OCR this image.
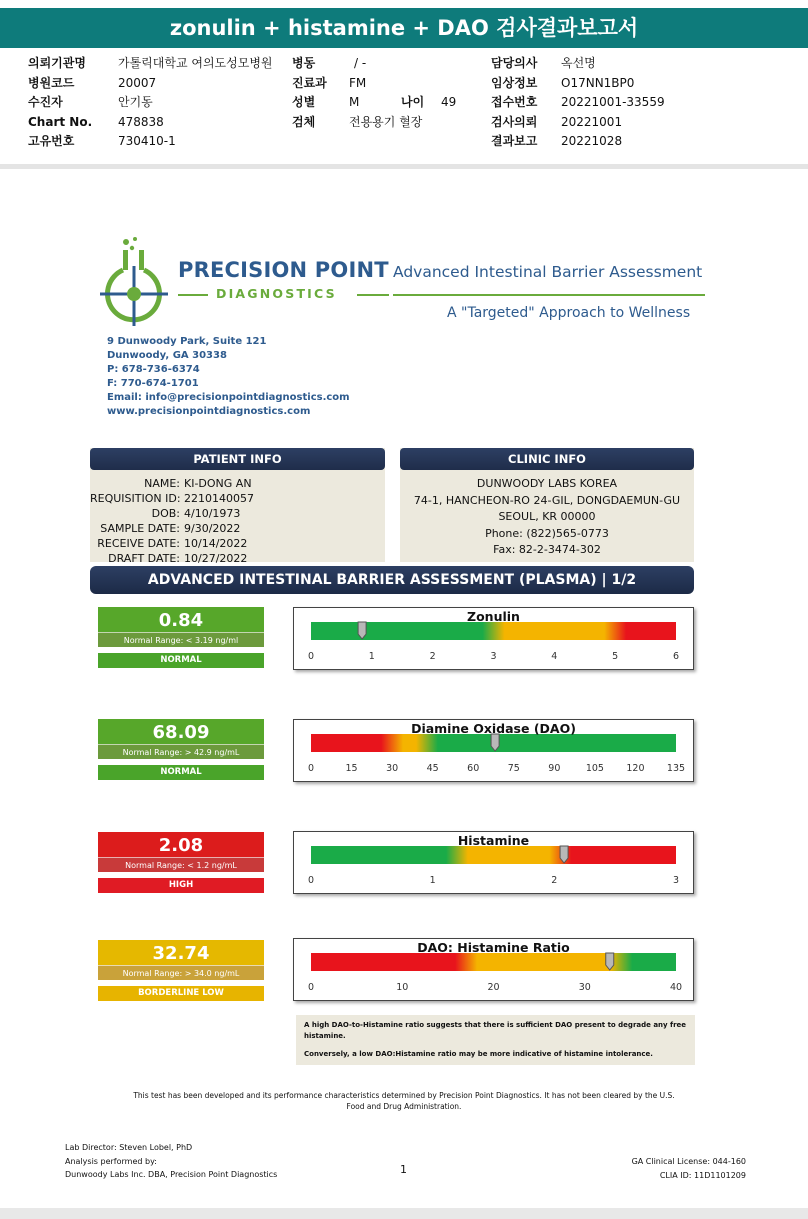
zonulin + histamine + DAO 검사결과보고서
의뢰기관명	가톨릭대학교 여의도성모병원
병원코드	20007
수진자	안기동
Chart No.	478838
고유번호	730410-1
병동	/ -
진료과	FM
성별	M	나이	49
검체	전용용기 혈장
담당의사	옥선명
임상정보	O17NN1BP0
접수번호	20221001-33559
검사의뢰	20221001
결과보고	20221028
PRECISION POINT Advanced Intestinal Barrier Assessment
DIAGNOSTICS
A "Targeted" Approach to Wellness
9 Dunwoody Park, Suite 121
Dunwoody, GA 30338
P: 678-736-6374
F: 770-674-1701
Email: info@precisionpointdiagnostics.com
www.precisionpointdiagnostics.com
PATIENT INFO
NAME: KI-DONG AN
REQUISITION ID: 2210140057
DOB: 4/10/1973
SAMPLE DATE: 9/30/2022
RECEIVE DATE: 10/14/2022
DRAFT DATE: 10/27/2022
CLINIC INFO
DUNWOODY LABS KOREA
74-1, HANCHEON-RO 24-GIL, DONGDAEMUN-GU
SEOUL, KR 00000
Phone: (822)565-0773
Fax: 82-2-3474-302
ADVANCED INTESTINAL BARRIER ASSESSMENT (PLASMA) | 1/2
0.84
Normal Range: < 3.19 ng/ml
NORMAL
68.09
Normal Range: > 42.9 ng/mL
NORMAL
2.08
Normal Range: < 1.2 ng/mL
HIGH
32.74
Normal Range: > 34.0 ng/mL
BORDERLINE LOW
Zonulin
0	1	2	3	4	5	6
Diamine Oxidase (DAO)
0	15	30	45	60	75	90	105 120 135
Histamine
0	1	2	3
DAO: Histamine Ratio
0	10	20	30	40

A high DAO-to-Histamine ratio suggests that there is sufficient DAO present to degrade any free histamine.

Conversely, a low DAO:Histamine ratio may be more indicative of histamine intolerance.

This test has been developed and its performance characteristics determined by Precision Point Diagnostics. It has not been cleared by the U.S. Food and Drug Administration.
Lab Director: Steven Lobel, PhD
Analysis performed by:
Dunwoody Labs Inc. DBA, Precision Point Diagnostics	1
GA Clinical License: 044-160
CLIA ID: 11D1101209
